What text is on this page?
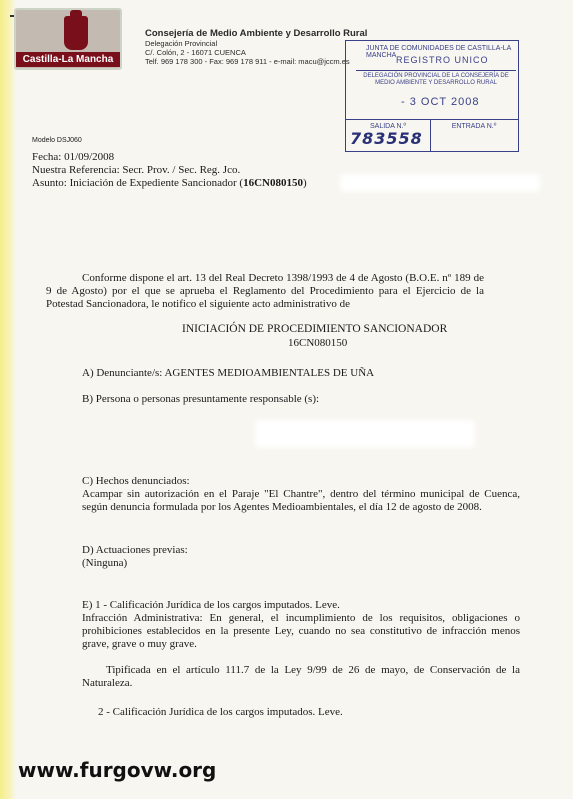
Castilla-La Mancha
Consejería de Medio Ambiente y Desarrollo Rural
Delegación Provincial
C/. Colón, 2 - 16071 CUENCA
Telf. 969 178 300 - Fax: 969 178 911 - e-mail: macu@jccm.es
JUNTA DE COMUNIDADES DE CASTILLA-LA MANCHA REGISTRO UNICO
DELEGACIÓN PROVINCIAL DE LA CONSEJERÍA DE MEDIO AMBIENTE Y DESARROLLO RURAL
- 3 OCT 2008
SALIDA N.º	ENTRADA N.º
783558
Modelo DSJ060
Fecha: 01/09/2008
Nuestra Referencia: Secr. Prov. / Sec. Reg. Jco.
Asunto: Iniciación de Expediente Sancionador (16CN080150)
Conforme dispone el art. 13 del Real Decreto 1398/1993 de 4 de Agosto (B.O.E. nº 189 de 9 de Agosto) por el que se aprueba el Reglamento del Procedimiento para el Ejercicio de la Potestad Sancionadora, le notifico el siguiente acto administrativo de
INICIACIÓN DE PROCEDIMIENTO SANCIONADOR
16CN080150
A) Denunciante/s: AGENTES MEDIOAMBIENTALES DE UÑA
B) Persona o personas presuntamente responsable (s):
C) Hechos denunciados:
Acampar sin autorización en el Paraje "El Chantre", dentro del término municipal de Cuenca, según denuncia formulada por los Agentes Medioambientales, el día 12 de agosto de 2008.
D) Actuaciones previas:
(Ninguna)
E) 1 - Calificación Jurídica de los cargos imputados. Leve.
Infracción Administrativa: En general, el incumplimiento de los requisitos, obligaciones o prohibiciones establecidos en la presente Ley, cuando no sea constitutivo de infracción menos grave, grave o muy grave.
Tipificada en el artículo 111.7 de la Ley 9/99 de 26 de mayo, de Conservación de la Naturaleza.
2 - Calificación Jurídica de los cargos imputados. Leve.
www.furgovw.org
